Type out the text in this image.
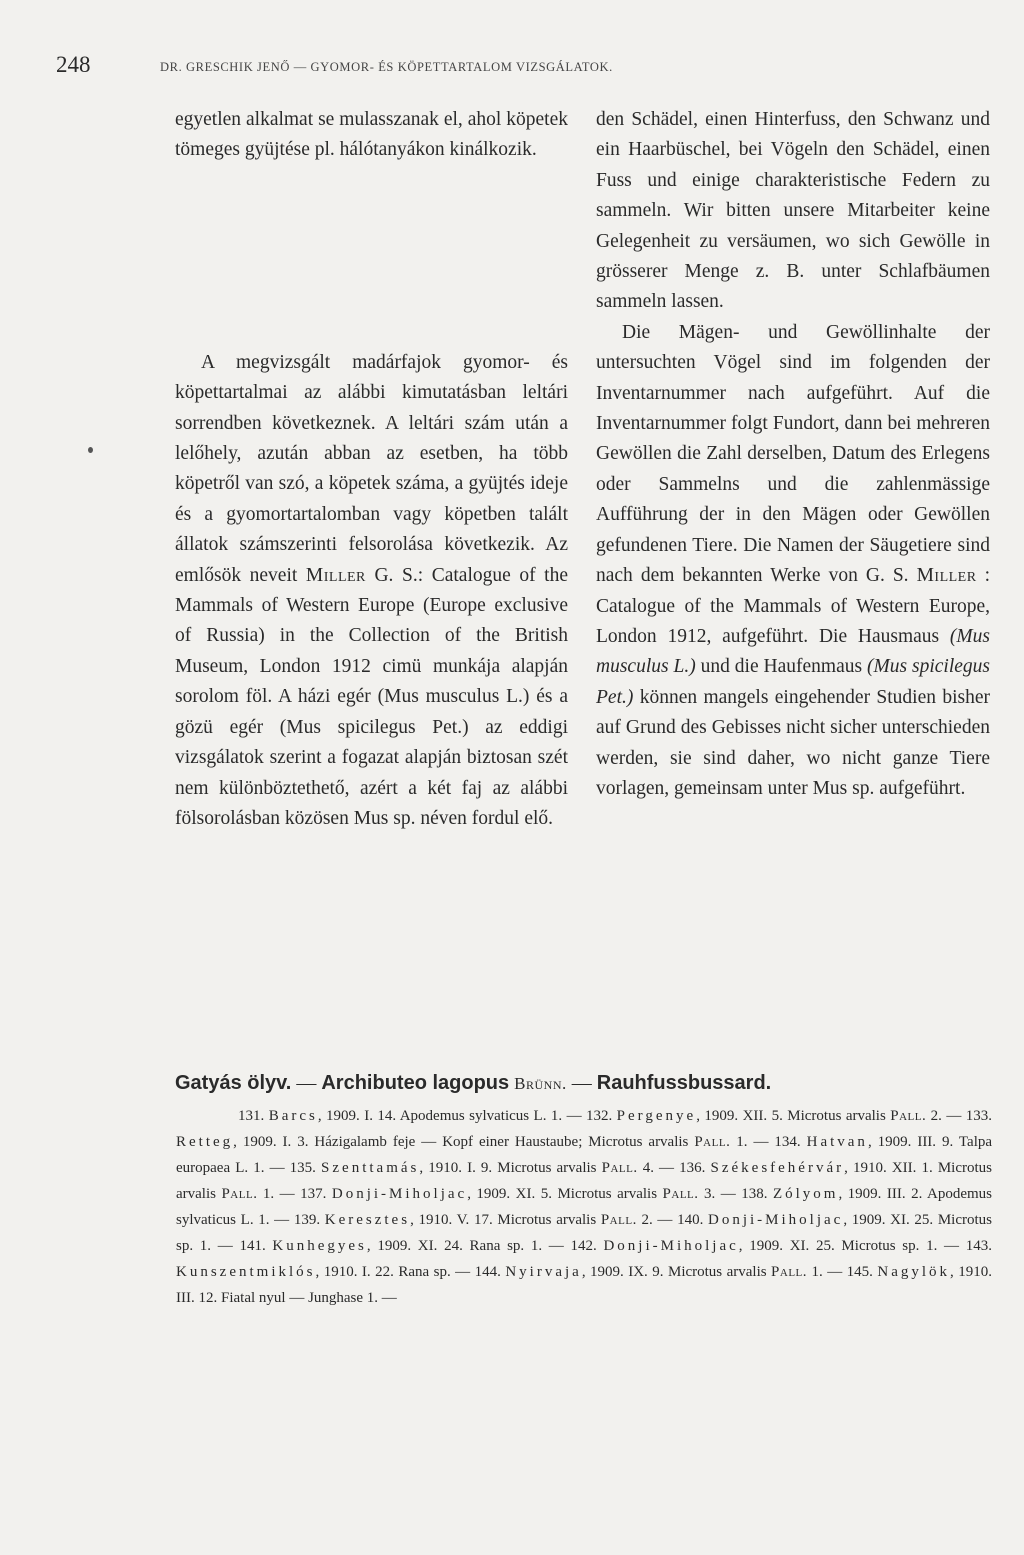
248	DR. GRESCHIK JENŐ — GYOMOR- ÉS KÖPETTARTALOM VIZSGÁLATOK.

egyetlen alkalmat se mulasszanak el, ahol köpetek tömeges gyüjtése pl. hálótanyákon kinálkozik.

A megvizsgált madárfajok gyomor- és köpettartalmai az alábbi kimutatásban leltári sorrendben következnek. A leltári szám után a lelőhely, azután abban az esetben, ha több köpetről van szó, a köpetek száma, a gyüjtés ideje és a gyomortartalomban vagy köpetben talált állatok számszerinti felsorolása következik. Az emlősök neveit Miller G. S.: Catalogue of the Mammals of Western Europe (Europe exclusive of Russia) in the Collection of the British Museum, London 1912 cimü munkája alapján sorolom föl. A házi egér (Mus musculus L.) és a gözü egér (Mus spicilegus Pet.) az eddigi vizsgálatok szerint a fogazat alapján biztosan szét nem különböztethető, azért a két faj az alábbi fölsorolásban közösen Mus sp. néven fordul elő.

den Schädel, einen Hinterfuss, den Schwanz und ein Haarbüschel, bei Vögeln den Schädel, einen Fuss und einige charakteristische Federn zu sammeln. Wir bitten unsere Mitarbeiter keine Gelegenheit zu versäumen, wo sich Gewölle in grösserer Menge z. B. unter Schlafbäumen sammeln lassen.

Die Mägen- und Gewöllinhalte der untersuchten Vögel sind im folgenden der Inventarnummer nach aufgeführt. Auf die Inventarnummer folgt Fundort, dann bei mehreren Gewöllen die Zahl derselben, Datum des Erlegens oder Sammelns und die zahlenmässige Aufführung der in den Mägen oder Gewöllen gefundenen Tiere. Die Namen der Säugetiere sind nach dem bekannten Werke von G. S. Miller : Catalogue of the Mammals of Western Europe, London 1912, aufgeführt. Die Hausmaus (Mus musculus L.) und die Haufenmaus (Mus spicilegus Pet.) können mangels eingehender Studien bisher auf Grund des Gebisses nicht sicher unterschieden werden, sie sind daher, wo nicht ganze Tiere vorlagen, gemeinsam unter Mus sp. aufgeführt.

Gatyás ölyv. — Archibuteo lagopus Brünn. — Rauhfussbussard.

131. Barcs, 1909. I. 14. Apodemus sylvaticus L. 1. — 132. Pergenye, 1909. XII. 5. Microtus arvalis Pall. 2. — 133. Retteg, 1909. I. 3. Házigalamb feje — Kopf einer Haustaube; Microtus arvalis Pall. 1. — 134. Hatvan, 1909. III. 9. Talpa europaea L. 1. — 135. Szenttamás, 1910. I. 9. Microtus arvalis Pall. 4. — 136. Székesfehérvár, 1910. XII. 1. Microtus arvalis Pall. 1. — 137. Donji-Miholjac, 1909. XI. 5. Microtus arvalis Pall. 3. — 138. Zólyom, 1909. III. 2. Apodemus sylvaticus L. 1. — 139. Keresztes, 1910. V. 17. Microtus arvalis Pall. 2. — 140. Donji-Miholjac, 1909. XI. 25. Microtus sp. 1. — 141. Kunhegyes, 1909. XI. 24. Rana sp. 1. — 142. Donji-Miholjac, 1909. XI. 25. Microtus sp. 1. — 143. Kunszentmiklós, 1910. I. 22. Rana sp. — 144. Nyirvaja, 1909. IX. 9. Microtus arvalis Pall. 1. — 145. Nagylök, 1910. III. 12. Fiatal nyul — Junghase 1. —
